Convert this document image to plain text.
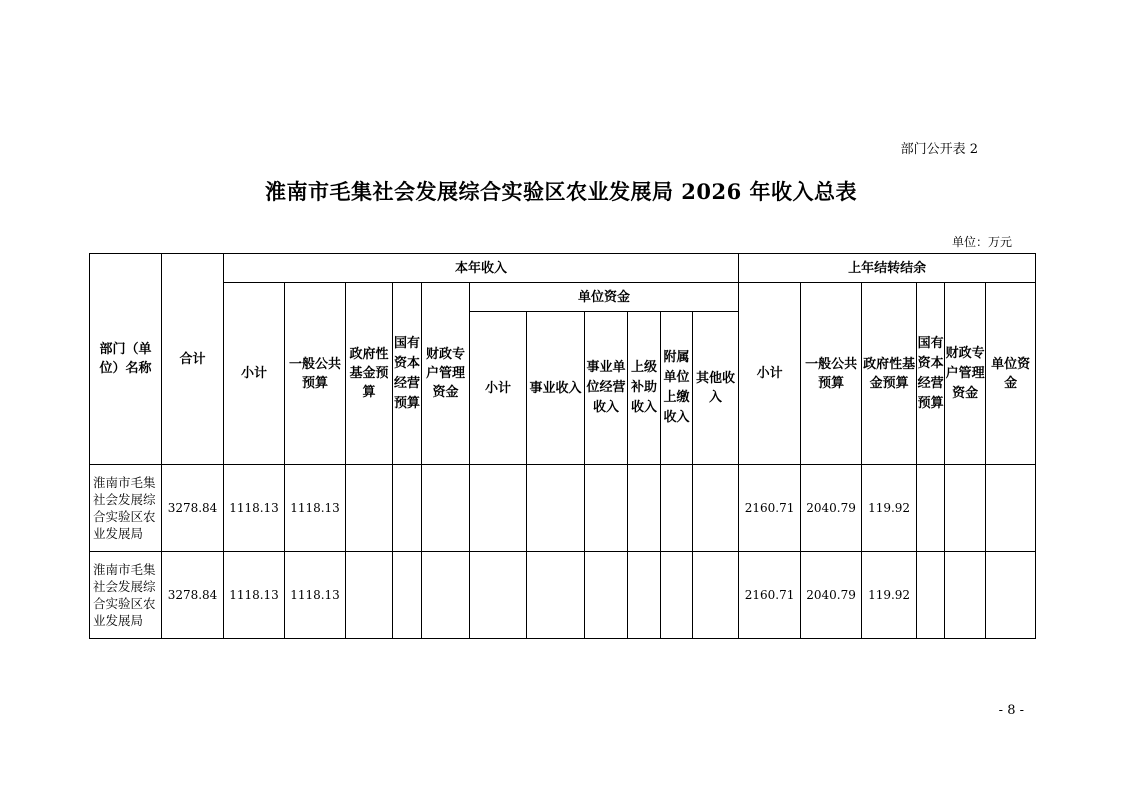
部门公开表 2
淮南市毛集社会发展综合实验区农业发展局 2026 年收入总表
单位：万元
部门（单位）名称	合计	本年收入											上年结转结余					
		小计	一般公共预算	政府性基金预算	国有资本经营预算	财政专户管理资金	单位资金						小计	一般公共预算	政府性基金预算	国有资本经营预算	财政专户管理资金	单位资金
							小计	事业收入	事业单位经营收入	上级补助收入	附属单位上缴收入	其他收入						
淮南市毛集社会发展综合实验区农业发展局	3278.84	1118.13	1118.13										2160.71	2040.79	119.92			
淮南市毛集社会发展综合实验区农业发展局	3278.84	1118.13	1118.13										2160.71	2040.79	119.92			
- 8 -
